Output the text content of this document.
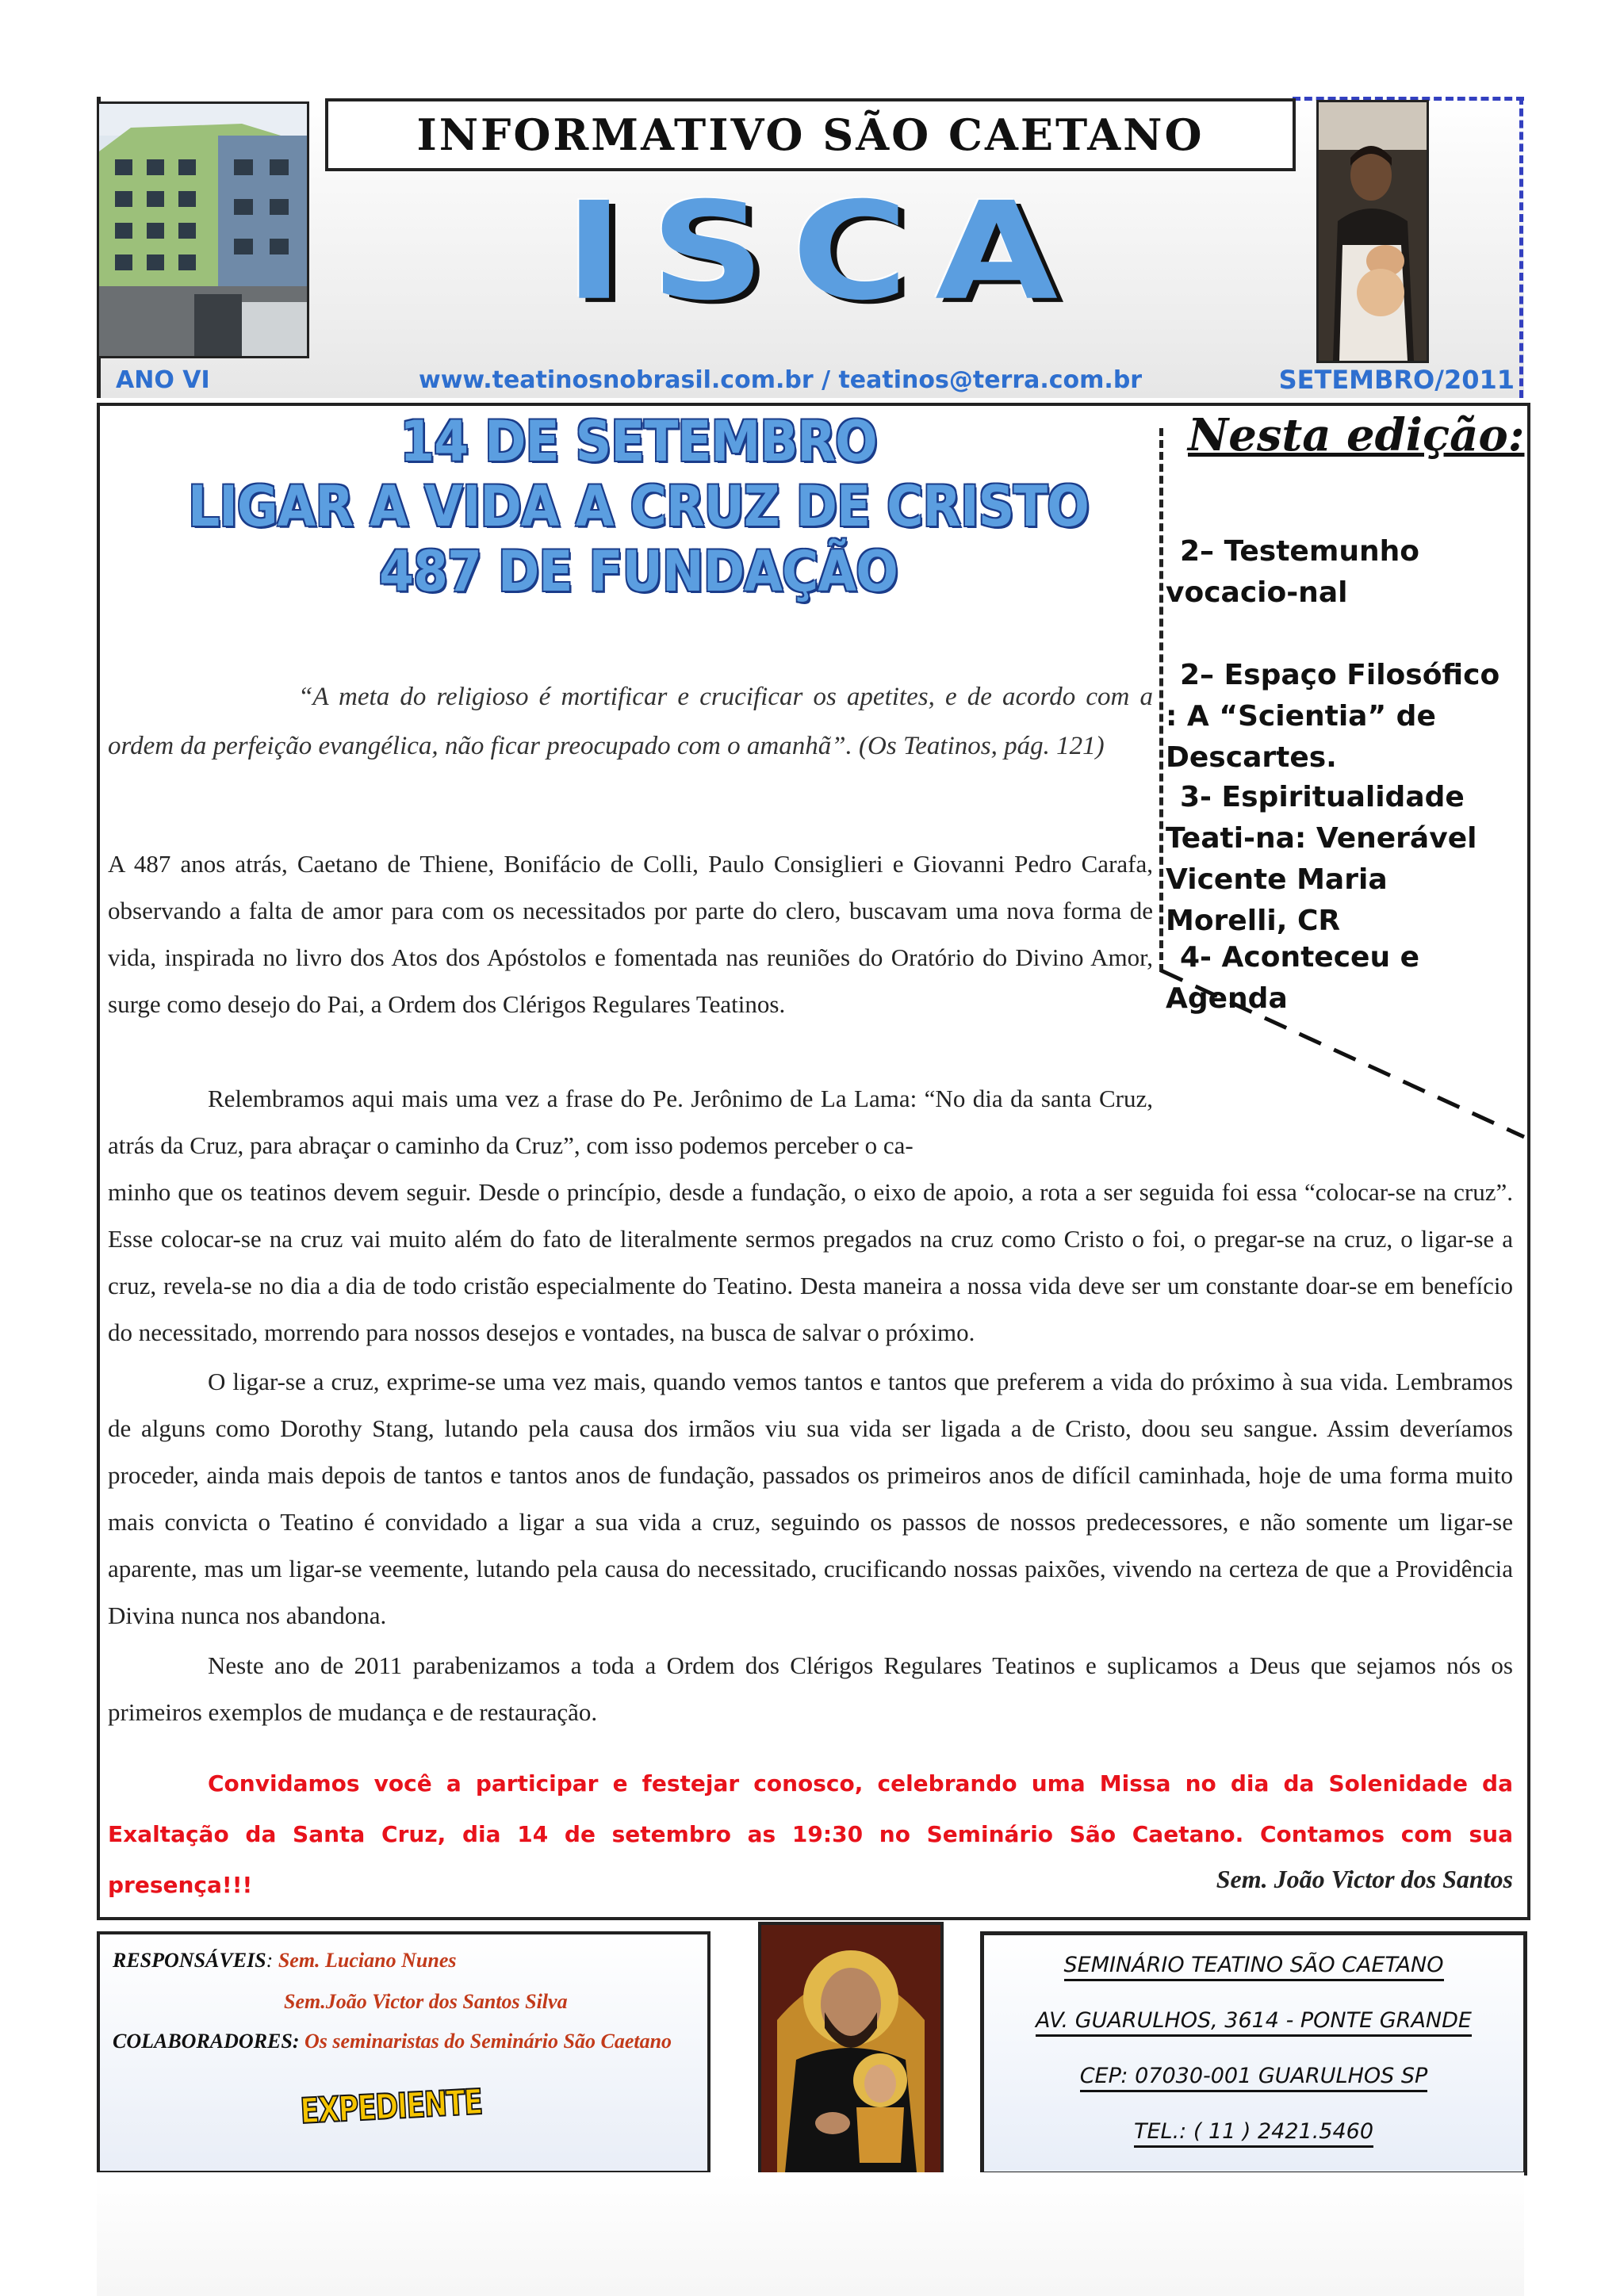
INFORMATIVO SÃO CAETANO
ISCA
ANO VI	www.teatinosnobrasil.com.br / teatinos@terra.com.br	SETEMBRO/2011
14 DE SETEMBRO
LIGAR A VIDA A CRUZ DE CRISTO
487 DE FUNDAÇÃO
“A meta do religioso é mortificar e crucificar os apetites, e de acordo com a ordem da perfeição evangélica, não ficar preocupado com o amanhã”. (Os Teatinos, pág. 121)
A 487 anos atrás, Caetano de Thiene, Bonifácio de Colli, Paulo Consiglieri e Giovanni Pedro Carafa, observando a falta de amor para com os necessitados por parte do clero, buscavam uma nova forma de vida, inspirada no livro dos Atos dos Apóstolos e fomentada nas reuniões do Oratório do Divino Amor, surge como desejo do Pai, a Ordem dos Clérigos Regulares Teatinos.
Relembramos aqui mais uma vez a frase do Pe. Jerônimo de La Lama: “No dia da santa Cruz, atrás da Cruz, para abraçar o caminho da Cruz”, com isso podemos perceber o ca-
minho que os teatinos devem seguir. Desde o princípio, desde a fundação, o eixo de apoio, a rota a ser seguida foi essa “colocar-se na cruz”. Esse colocar-se na cruz vai muito além do fato de literalmente sermos pregados na cruz como Cristo o foi, o pregar-se na cruz, o ligar-se a cruz, revela-se no dia a dia de todo cristão especialmente do Teatino. Desta maneira a nossa vida deve ser um constante doar-se em benefício do necessitado, morrendo para nossos desejos e vontades, na busca de salvar o próximo.
O ligar-se a cruz, exprime-se uma vez mais, quando vemos tantos e tantos que preferem a vida do próximo à sua vida. Lembramos de alguns como Dorothy Stang, lutando pela causa dos irmãos viu sua vida ser ligada a de Cristo, doou seu sangue. Assim deveríamos proceder, ainda mais depois de tantos e tantos anos de fundação, passados os primeiros anos de difícil caminhada, hoje de uma forma muito mais convicta o Teatino é convidado a ligar a sua vida a cruz, seguindo os passos de nossos predecessores, e não somente um ligar-se aparente, mas um ligar-se veemente, lutando pela causa do necessitado, crucificando nossas paixões, vivendo na certeza de que a Providência Divina nunca nos abandona.
Neste ano de 2011 parabenizamos a toda a Ordem dos Clérigos Regulares Teatinos e suplicamos a Deus que sejamos nós os primeiros exemplos de mudança e de restauração.
Convidamos você a participar e festejar conosco, celebrando uma Missa no dia da Solenidade da Exaltação da Santa Cruz, dia 14 de setembro as 19:30 no Seminário São Caetano. Contamos com sua presença!!!	Sem. João Victor dos Santos
Nesta edição:
2– Testemunho vocacio-nal
2– Espaço Filosófico : A “Scientia” de Descartes.
3- Espiritualidade Teati-na: Venerável Vicente Maria Morelli, CR
4- Aconteceu e Agenda
RESPONSÁVEIS: Sem. Luciano Nunes
Sem.João Victor dos Santos Silva
COLABORADORES: Os seminaristas do Seminário São Caetano
EXPEDIENTE
SEMINÁRIO TEATINO SÃO CAETANO
AV. GUARULHOS, 3614 - PONTE GRANDE
CEP: 07030-001 GUARULHOS SP
TEL.: ( 11 ) 2421.5460
